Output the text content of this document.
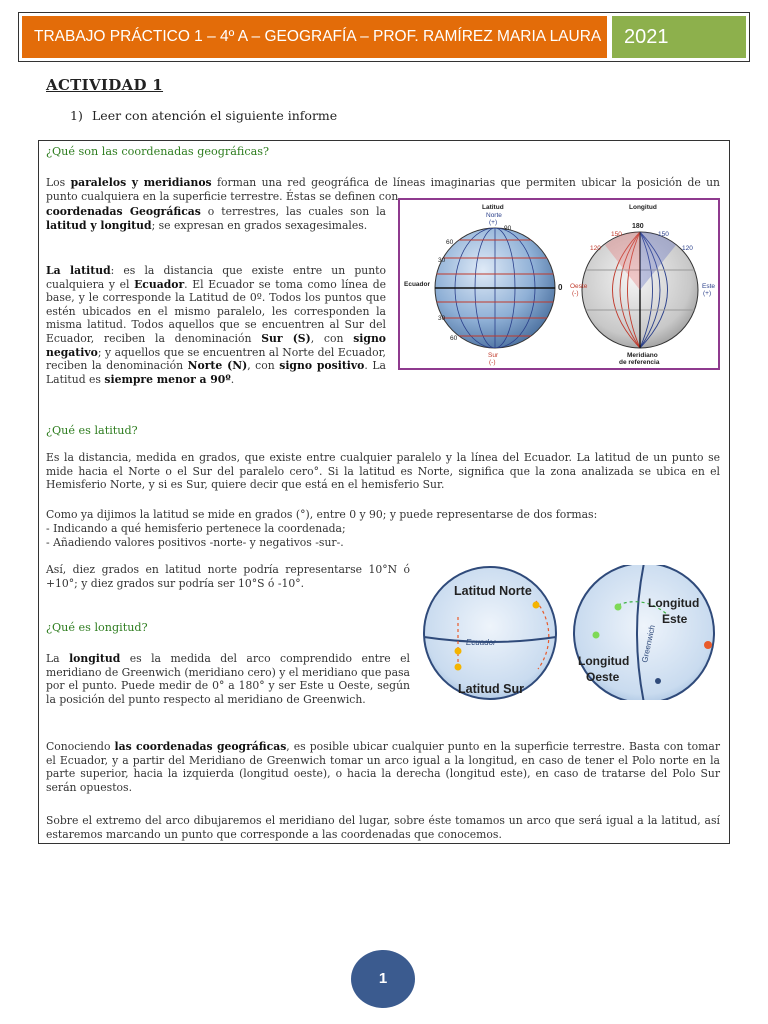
TRABAJO PRÁCTICO 1 – 4º A – GEOGRAFÍA – PROF. RAMÍREZ MARIA LAURA	2021
ACTIVIDAD 1
1) Leer con atención el siguiente informe
¿Qué son las coordenadas geográficas?
Los paralelos y meridianos forman una red geográfica de líneas imaginarias que permiten ubicar la posición de un punto cualquiera en la superficie terrestre. Éstas se definen con
coordenadas Geográficas o terrestres, las cuales son la latitud y longitud; se expresan en grados sexagesimales.
La latitud: es la distancia que existe entre un punto cualquiera y el Ecuador. El Ecuador se toma como línea de base, y le corresponde la Latitud de 0º. Todos los puntos que estén ubicados en el mismo paralelo, les corresponden la misma latitud. Todos aquellos que se encuentren al Sur del Ecuador, reciben la denominación Sur (S), con signo negativo; y aquellos que se encuentren al Norte del Ecuador, reciben la denominación Norte (N), con signo positivo. La Latitud es siempre menor a 90º.
Latitud
Norte
(+)
Ecuador	0
Sur
(-)
30
60
90
30
60
Longitud
180
Oeste
(-)
Este
(+)
Meridiano
de referencia
120
150	150
120
¿Qué es latitud?
Es la distancia, medida en grados, que existe entre cualquier paralelo y la línea del Ecuador. La latitud de un punto se mide hacia el Norte o el Sur del paralelo cero°. Si la latitud es Norte, significa que la zona analizada se ubica en el Hemisferio Norte, y si es Sur, quiere decir que está en el hemisferio Sur.
Como ya dijimos la latitud se mide en grados (°), entre 0 y 90; y puede representarse de dos formas:
- Indicando a qué hemisferio pertenece la coordenada;
- Añadiendo valores positivos -norte- y negativos -sur-.
Así, diez grados en latitud norte podría representarse 10°N ó +10°; y diez grados sur podría ser 10°S ó -10°.
Latitud Norte
Ecuador
Latitud Sur
Longitud
Este
Greenwich
Longitud
Oeste
¿Qué es longitud?
La longitud es la medida del arco comprendido entre el meridiano de Greenwich (meridiano cero) y el meridiano que pasa por el punto. Puede medir de 0° a 180° y ser Este u Oeste, según la posición del punto respecto al meridiano de Greenwich.
Conociendo las coordenadas geográficas, es posible ubicar cualquier punto en la superficie terrestre. Basta con tomar el Ecuador, y a partir del Meridiano de Greenwich tomar un arco igual a la longitud, en caso de tener el Polo norte en la parte superior, hacia la izquierda (longitud oeste), o hacia la derecha (longitud este), en caso de tratarse del Polo Sur serán opuestos.
Sobre el extremo del arco dibujaremos el meridiano del lugar, sobre éste tomamos un arco que será igual a la latitud, así estaremos marcando un punto que corresponde a las coordenadas que conocemos.
1
